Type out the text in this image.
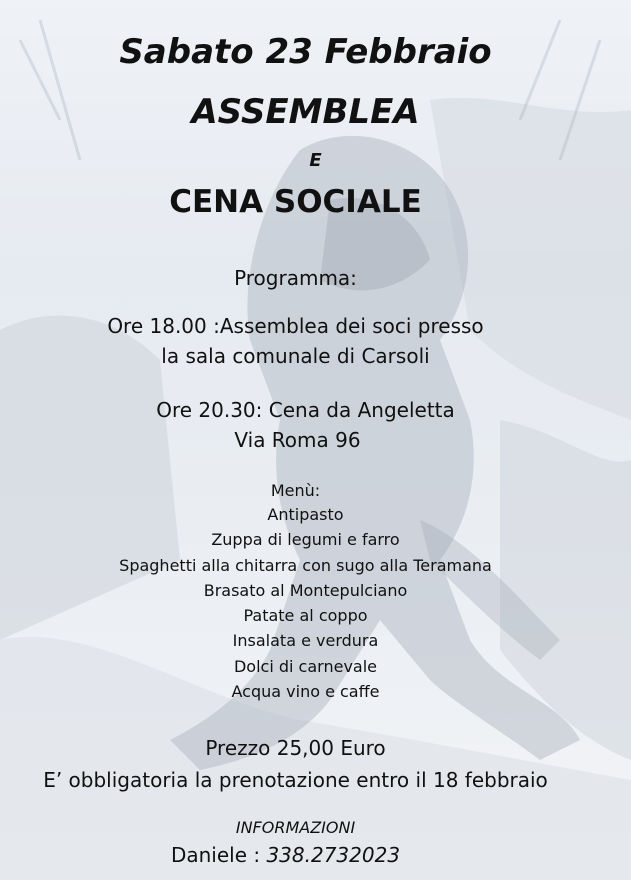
Sabato 23 Febbraio
ASSEMBLEA
E
CENA SOCIALE
Programma:
Ore 18.00 :Assemblea dei soci presso
la sala comunale di Carsoli
Ore 20.30: Cena da Angeletta
Via Roma 96
Menù:
Antipasto
Zuppa di legumi e farro
Spaghetti alla chitarra con sugo alla Teramana
Brasato al Montepulciano
Patate al coppo
Insalata e verdura
Dolci di carnevale
Acqua vino e caffe
Prezzo 25,00 Euro
E’ obbligatoria la prenotazione entro il 18 febbraio
INFORMAZIONI
Daniele : 338.2732023
